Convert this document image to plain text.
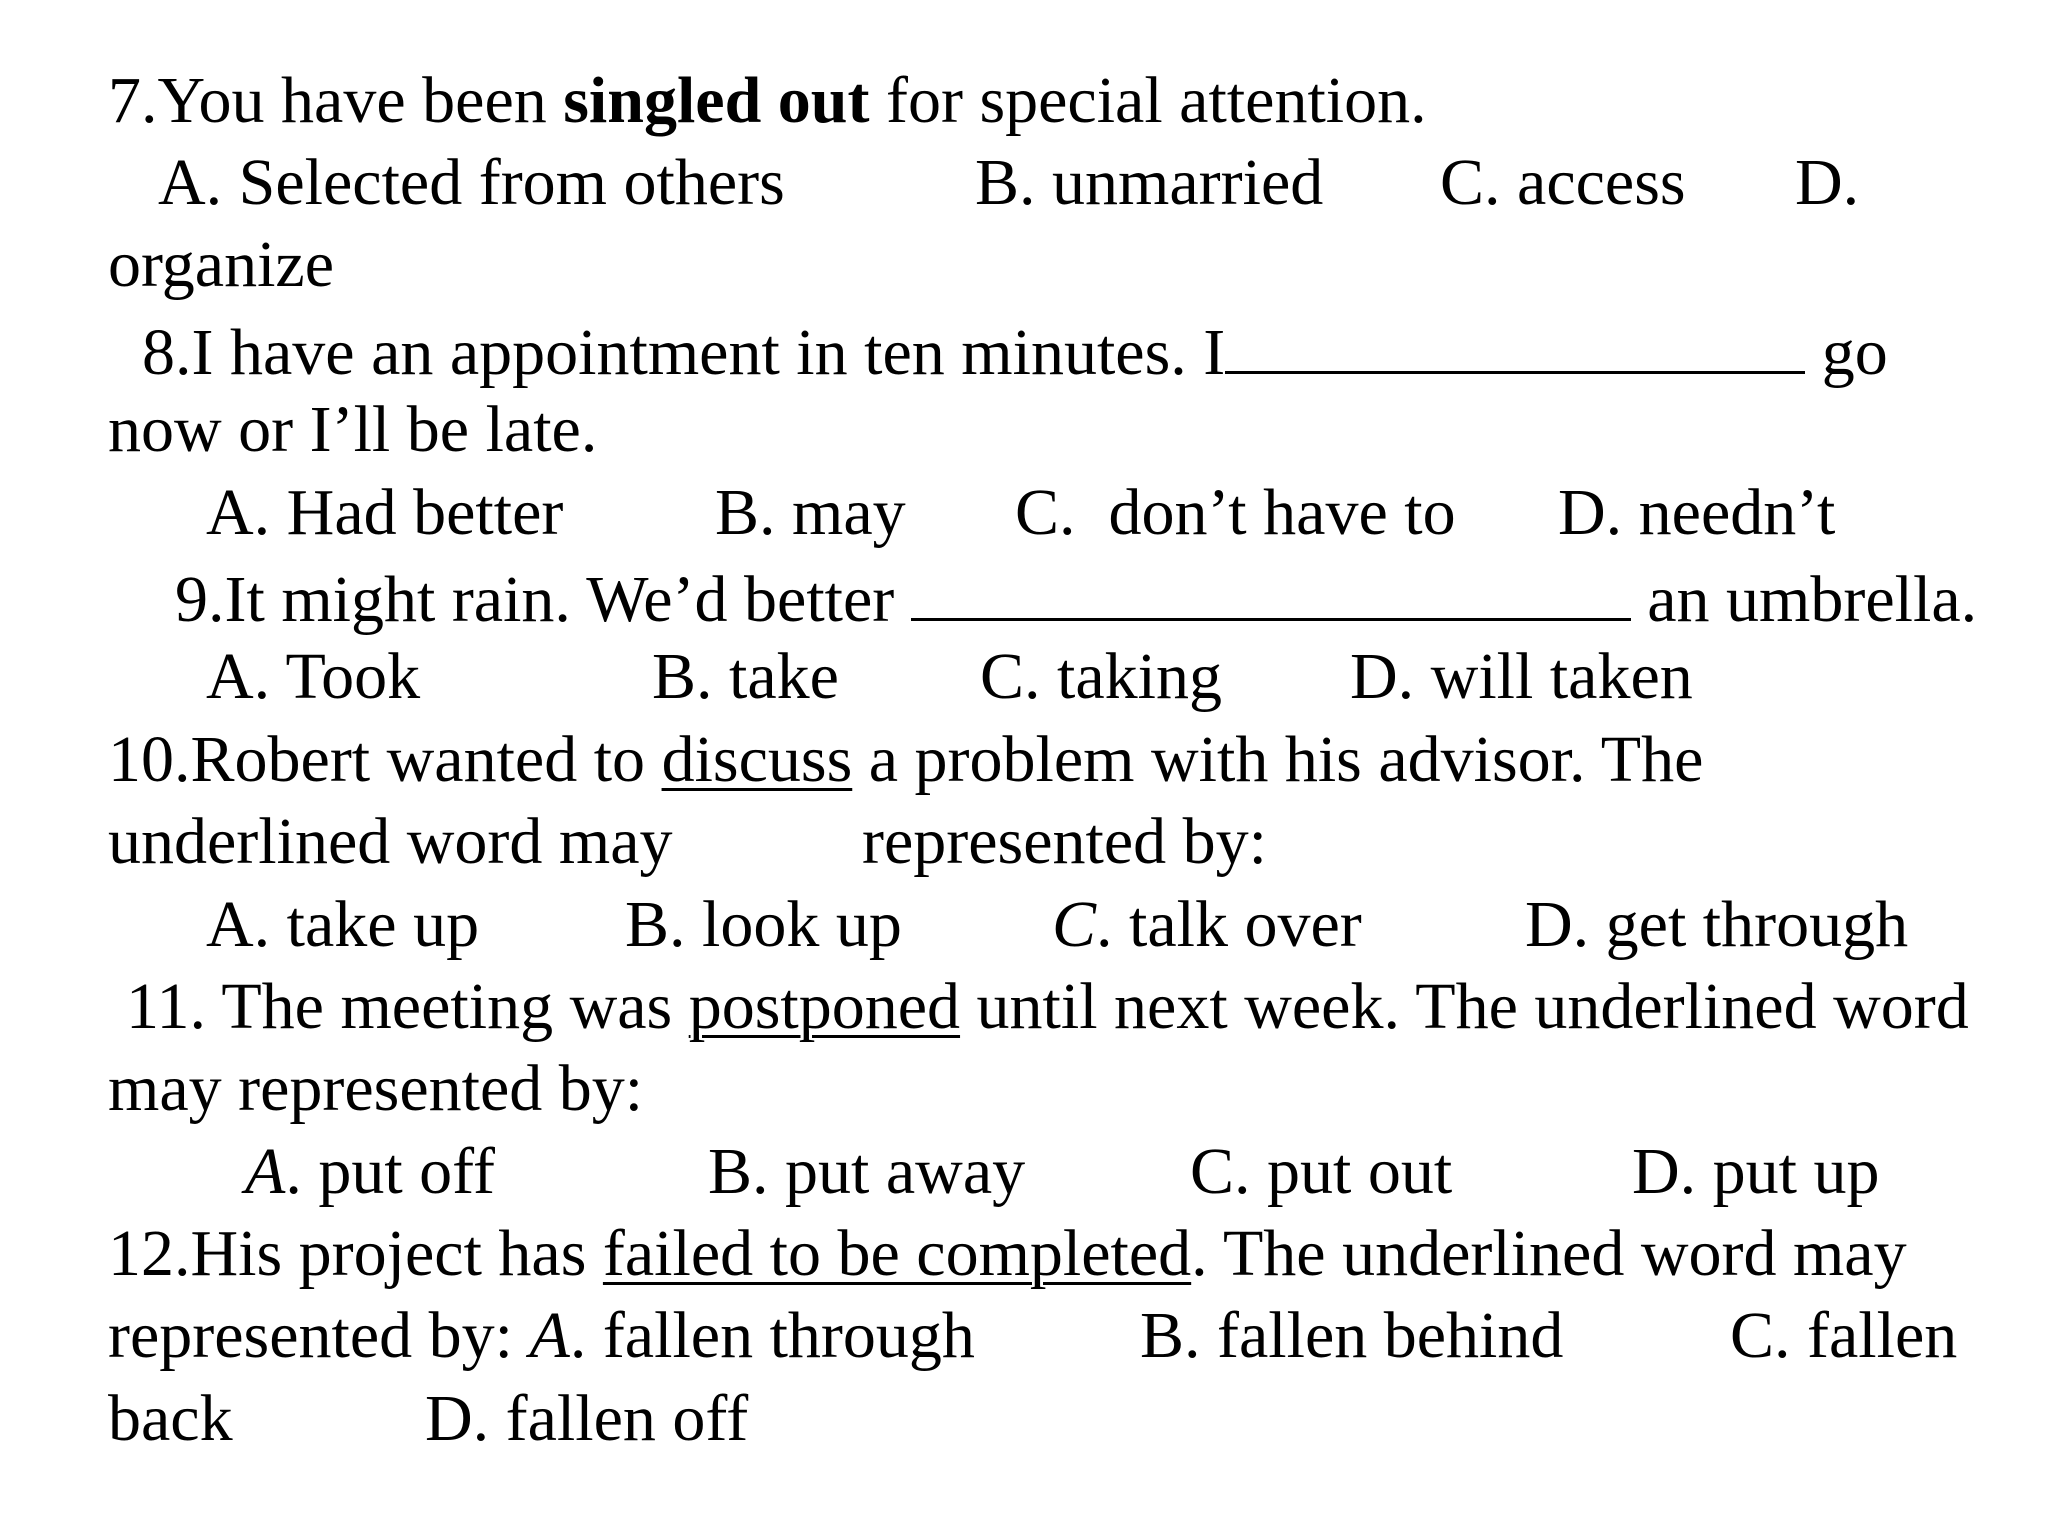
7.You have been singled out for special attention.
A. Selected from others	B. unmarried C. access D.
organize
8.I have an appointment in ten minutes. I	go
now or I’ll be late.
A. Had better B. may C.  don’t have to D. needn’t
9.It might rain. We’d better	an umbrella.
A. Took	B. take C. taking D. will taken
10.Robert wanted to discuss a problem with his advisor. The
underlined word may	represented by:
A. take up B. look up C. talk over D. get through
11. The meeting was postponed until next week. The underlined word
may represented by:
A. put off	B. put away C. put out	D. put up
12.His project has failed to be completed. The underlined word may
represented by: A. fallen through	B. fallen behind	C. fallen
back	D. fallen off
